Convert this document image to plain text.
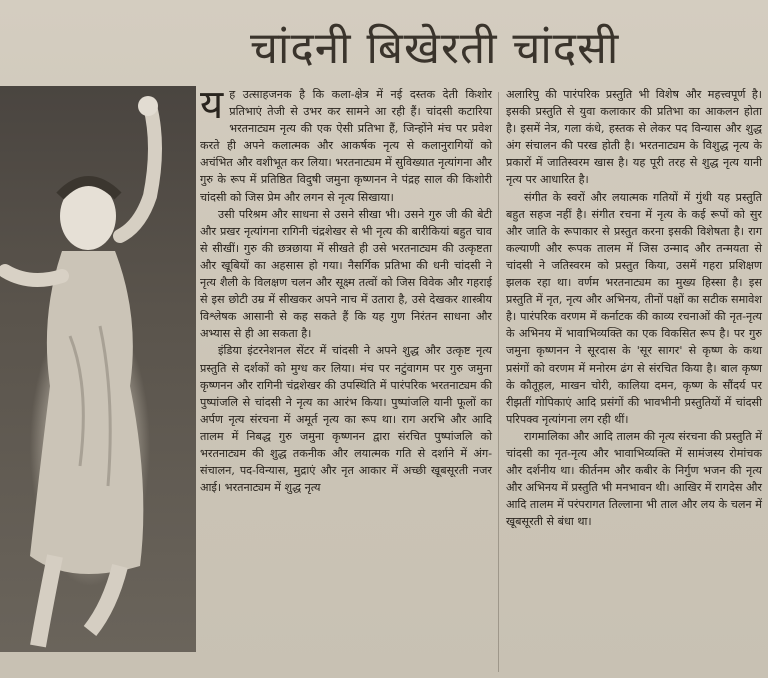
चांदनी बिखेरती चांदसी

य ह उत्साहजनक है कि कला-क्षेत्र में नई दस्तक देती किशोर प्रतिभाएं तेजी से उभर कर सामने आ रही हैं। चांदसी कटारिया भरतनाट्यम नृत्य की एक ऐसी प्रतिभा हैं, जिन्होंने मंच पर प्रवेश करते ही अपने कलात्मक और आकर्षक नृत्य से कलानुरागियों को अचंभित और वशीभूत कर लिया। भरतनाट्यम में सुविख्यात नृत्यांगना और गुरु के रूप में प्रतिष्ठित विदुषी जमुना कृष्णनन ने पंद्रह साल की किशोरी चांदसी को जिस प्रेम और लगन से नृत्य सिखाया।

उसी परिश्रम और साधना से उसने सीखा भी। उसने गुरु जी की बेटी और प्रखर नृत्यांगना रागिनी चंद्रशेखर से भी नृत्य की बारीकियां बहुत चाव से सीखीं। गुरु की छत्रछाया में सीखते ही उसे भरतनाट्यम की उत्कृष्टता और खूबियों का अहसास हो गया। नैसर्गिक प्रतिभा की धनी चांदसी ने नृत्य शैली के विलक्षण चलन और सूक्ष्म तत्वों को जिस विवेक और गहराई से इस छोटी उम्र में सीखकर अपने नाच में उतारा है, उसे देखकर शास्त्रीय विश्लेषक आसानी से कह सकते हैं कि यह गुण निरंतन साधना और अभ्यास से ही आ सकता है।

इंडिया इंटरनेशनल सेंटर में चांदसी ने अपने शुद्ध और उत्कृष्ट नृत्य प्रस्तुति से दर्शकों को मुग्ध कर लिया। मंच पर नटुंवागम पर गुरु जमुना कृष्णनन और रागिनी चंद्रशेखर की उपस्थिति में पारंपरिक भरतनाट्यम की पुष्पांजलि से चांदसी ने नृत्य का आरंभ किया। पुष्पांजलि यानी फूलों का अर्पण नृत्य संरचना में अमूर्त नृत्य का रूप था। राग अरभि और आदि तालम में निबद्ध गुरु जमुना कृष्णनन द्वारा संरचित पुष्पांजलि को भरतनाट्यम की शुद्ध तकनीक और लयात्मक गति से दर्शाने में अंग-संचालन, पद-विन्यास, मुद्राएं और नृत आकार में अच्छी खूबसूरती नजर आई। भरतनाट्यम में शुद्ध नृत्य

अलारिपु की पारंपरिक प्रस्तुति भी विशेष और महत्त्वपूर्ण है। इसकी प्रस्तुति से युवा कलाकार की प्रतिभा का आकलन होता है। इसमें नेत्र, गला कंधे, हस्तक से लेकर पद विन्यास और शुद्ध अंग संचालन की परख होती है। भरतनाट्यम के विशुद्ध नृत्य के प्रकारों में जातिस्वरम खास है। यह पूरी तरह से शुद्ध नृत्य यानी नृत्य पर आधारित है।

संगीत के स्वरों और लयात्मक गतियों में गुंथी यह प्रस्तुति बहुत सहज नहीं है। संगीत रचना में नृत्य के कई रूपों को सुर और जाति के रूपाकार से प्रस्तुत करना इसकी विशेषता है। राग कल्याणी और रूपक तालम में जिस उन्माद और तन्मयता से चांदसी ने जतिस्वरम को प्रस्तुत किया, उसमें गहरा प्रशिक्षण झलक रहा था। वर्णम भरतनाट्यम का मुख्य हिस्सा है। इस प्रस्तुति में नृत, नृत्य और अभिनय, तीनों पक्षों का सटीक समावेश है। पारंपरिक वरणम में कर्नाटक की काव्य रचनाओं की नृत-नृत्य के अभिनय में भावाभिव्यक्ति का एक विकसित रूप है। पर गुरु जमुना कृष्णनन ने सूरदास के 'सूर सागर' से कृष्ण के कथा प्रसंगों को वरणम में मनोरम ढंग से संरचित किया है। बाल कृष्ण के कौतूहल, माखन चोरी, कालिया दमन, कृष्ण के सौंदर्य पर रीझतीं गोपिकाएं आदि प्रसंगों की भावभीनी प्रस्तुतियों में चांदसी परिपक्व नृत्यांगना लग रही थीं।

रागमालिका और आदि तालम की नृत्य संरचना की प्रस्तुति में चांदसी का नृत-नृत्य और भावाभिव्यक्ति में सामंजस्य रोमांचक और दर्शनीय था। कीर्तनम और कबीर के निर्गुण भजन की नृत्य और अभिनय में प्रस्तुति भी मनभावन थी। आखिर में रागदेस और आदि तालम में परंपरागत तिल्लाना भी ताल और लय के चलन में खूबसूरती से बंधा था।
